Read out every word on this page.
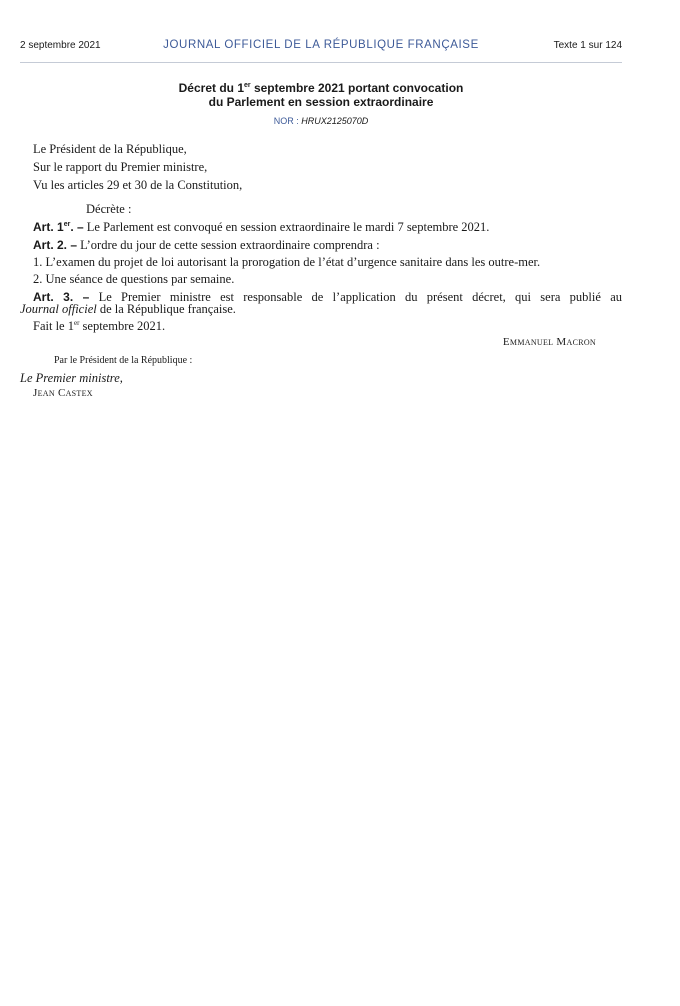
2 septembre 2021	JOURNAL OFFICIEL DE LA RÉPUBLIQUE FRANÇAISE	Texte 1 sur 124
Décret du 1er septembre 2021 portant convocation
du Parlement en session extraordinaire
NOR : HRUX2125070D
Le Président de la République,
Sur le rapport du Premier ministre,
Vu les articles 29 et 30 de la Constitution,
Décrète :
Art. 1er. – Le Parlement est convoqué en session extraordinaire le mardi 7 septembre 2021.
Art. 2. – L’ordre du jour de cette session extraordinaire comprendra :
1. L’examen du projet de loi autorisant la prorogation de l’état d’urgence sanitaire dans les outre-mer.
2. Une séance de questions par semaine.
Art. 3. – Le Premier ministre est responsable de l’application du présent décret, qui sera publié au
Journal officiel de la République française.
Fait le 1er septembre 2021.
Emmanuel Macron
Par le Président de la République :
Le Premier ministre,
Jean Castex
